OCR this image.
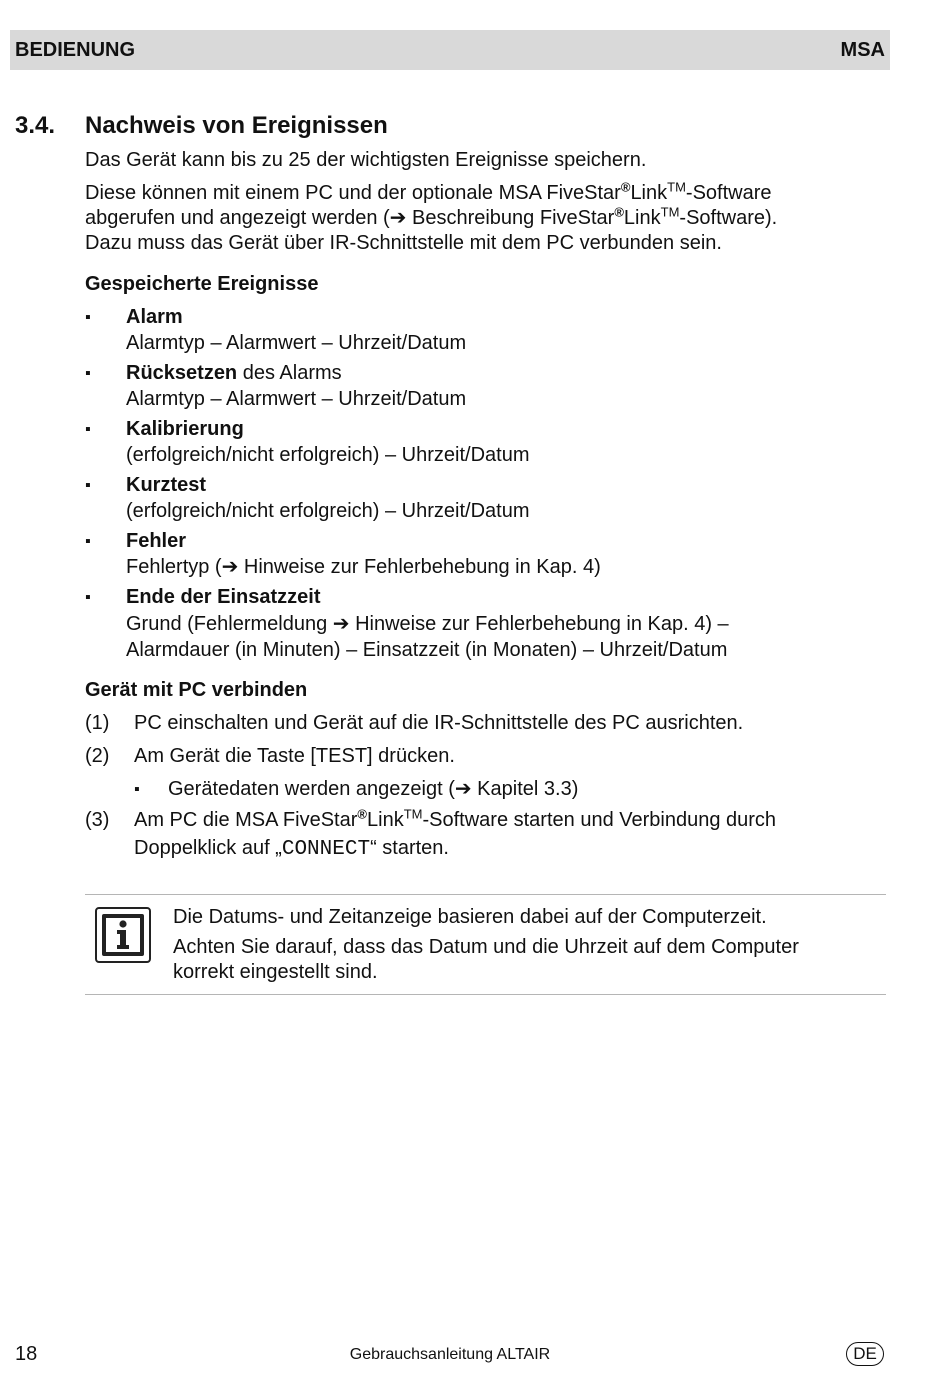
BEDIENUNG	MSA
3.4. Nachweis von Ereignissen
Das Gerät kann bis zu 25 der wichtigsten Ereignisse speichern.
Diese können mit einem PC und der optionale MSA FiveStar®Link™-Software
abgerufen und angezeigt werden (➔ Beschreibung FiveStar®Link™-Software).
Dazu muss das Gerät über IR-Schnittstelle mit dem PC verbunden sein.
Gespeicherte Ereignisse
▪ Alarm
Alarmtyp – Alarmwert – Uhrzeit/Datum
▪ Rücksetzen des Alarms
Alarmtyp – Alarmwert – Uhrzeit/Datum
▪ Kalibrierung
(erfolgreich/nicht erfolgreich) – Uhrzeit/Datum
▪ Kurztest
(erfolgreich/nicht erfolgreich) – Uhrzeit/Datum
▪ Fehler
Fehlertyp (➔ Hinweise zur Fehlerbehebung in Kap. 4)
▪ Ende der Einsatzzeit
Grund (Fehlermeldung ➔ Hinweise zur Fehlerbehebung in Kap. 4) –
Alarmdauer (in Minuten) – Einsatzzeit (in Monaten) – Uhrzeit/Datum
Gerät mit PC verbinden
(1) PC einschalten und Gerät auf die IR-Schnittstelle des PC ausrichten.
(2) Am Gerät die Taste [TEST] drücken.
▪ Gerätedaten werden angezeigt (➔ Kapitel 3.3)
(3) Am PC die MSA FiveStar®Link™-Software starten und Verbindung durch
Doppelklick auf „CONNECT“ starten.
Die Datums- und Zeitanzeige basieren dabei auf der Computerzeit.
Achten Sie darauf, dass das Datum und die Uhrzeit auf dem Computer
korrekt eingestellt sind.
18	Gebrauchsanleitung ALTAIR	DE
